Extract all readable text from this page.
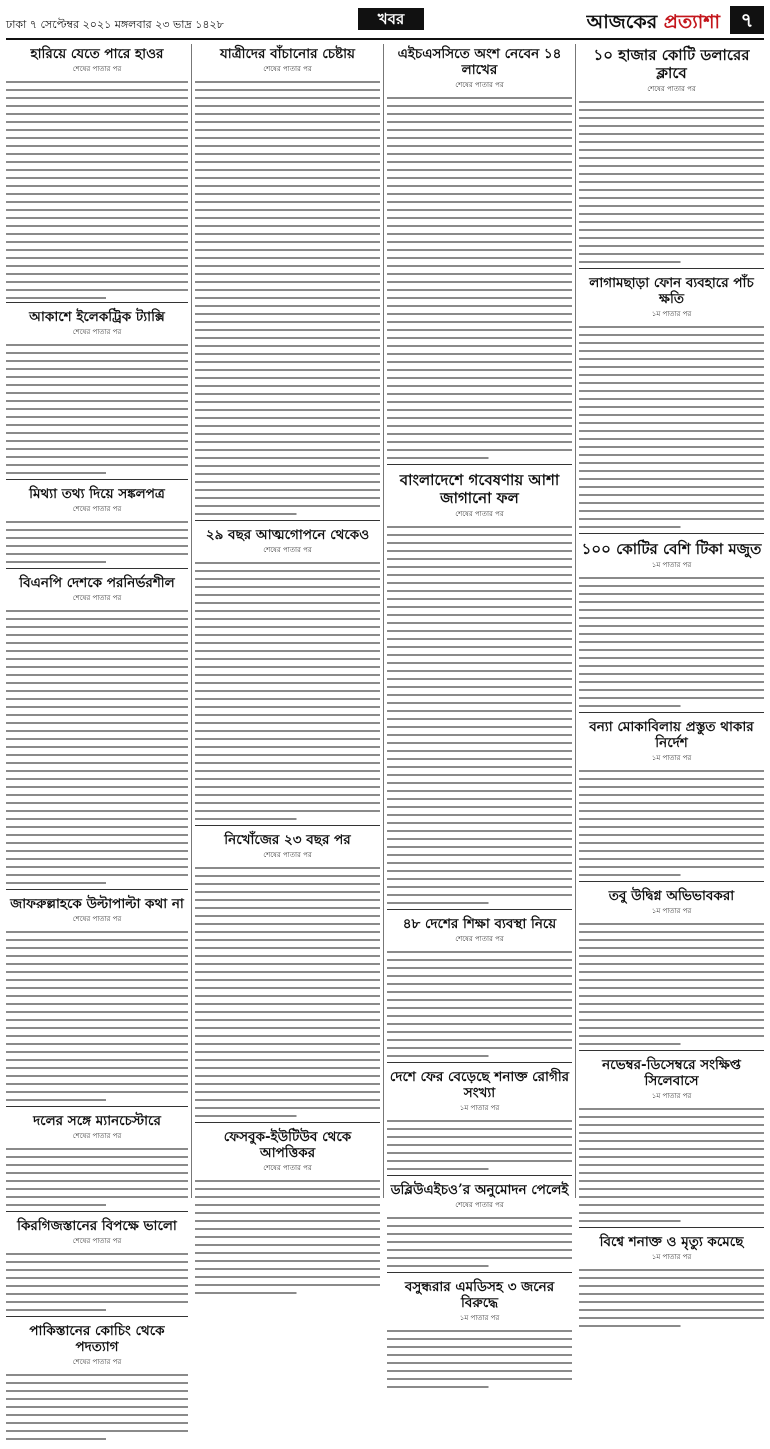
ঢাকা ৭ সেপ্টেম্বর ২০২১ মঙ্গলবার ২৩ ভাদ্র ১৪২৮	খবর	আজকের প্রত্যাশা	৭
হারিয়ে যেতে পারে হাওর
শেষের পাতার পর
আকাশে ইলেকট্রিক ট্যাক্সি
শেষের পাতার পর
মিথ্যা তথ্য দিয়ে সঙ্কলপত্র
শেষের পাতার পর
বিএনপি দেশকে পরনির্ভরশীল
শেষের পাতার পর
জাফরুল্লাহকে উল্টাপাল্টা কথা না
শেষের পাতার পর
দলের সঙ্গে ম্যানচেস্টারে
শেষের পাতার পর
কিরগিজস্তানের বিপক্ষে ভালো
শেষের পাতার পর
পাকিস্তানের কোচিং থেকে পদত্যাগ
শেষের পাতার পর
যাত্রীদের বাঁচানোর চেষ্টায়
শেষের পাতার পর
২৯ বছর আত্মগোপনে থেকেও
শেষের পাতার পর
নিখোঁজের ২৩ বছর পর
শেষের পাতার পর
ফেসবুক-ইউটিউব থেকে আপত্তিকর
শেষের পাতার পর
এইচএসসিতে অংশ নেবেন ১৪ লাখের
শেষের পাতার পর
বাংলাদেশে গবেষণায় আশা জাগানো ফল
শেষের পাতার পর
৪৮ দেশের শিক্ষা ব্যবস্থা নিয়ে
শেষের পাতার পর
দেশে ফের বেড়েছে শনাক্ত রোগীর সংখ্যা
১ম পাতার পর
ডব্লিউএইচও’র অনুমোদন পেলেই
শেষের পাতার পর
বসুন্ধরার এমডিসহ ৩ জনের বিরুদ্ধে
১ম পাতার পর
১০ হাজার কোটি ডলারের ক্লাবে
শেষের পাতার পর
লাগামছাড়া ফোন ব্যবহারে পাঁচ ক্ষতি
১ম পাতার পর
১০০ কোটির বেশি টিকা মজুত
১ম পাতার পর
বন্যা মোকাবিলায় প্রস্তুত থাকার নির্দেশ
১ম পাতার পর
তবু উদ্বিগ্ন অভিভাবকরা
১ম পাতার পর
নভেম্বর-ডিসেম্বরে সংক্ষিপ্ত সিলেবাসে
১ম পাতার পর
বিশ্বে শনাক্ত ও মৃত্যু কমেছে
১ম পাতার পর
